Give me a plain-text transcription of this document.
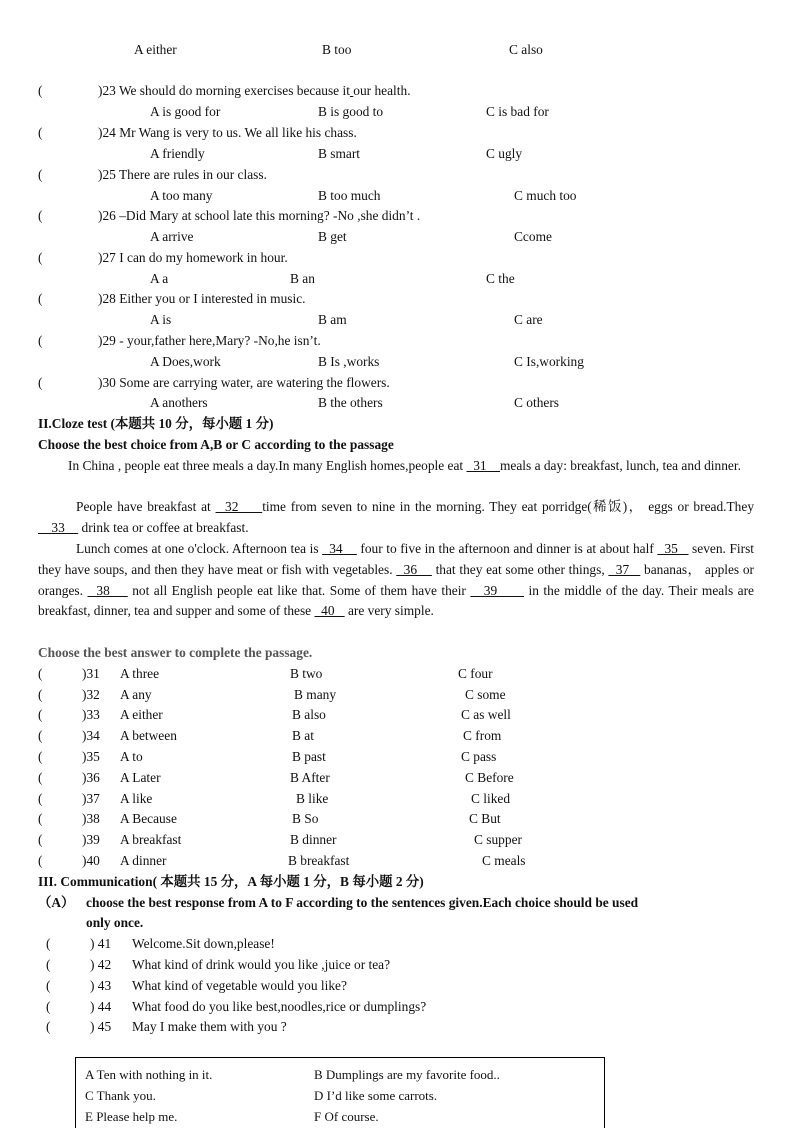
A either	B too	C also
(	)23 We should do morning exercises because it our health.
A is good for	B is good to	C is bad for
(	)24 Mr Wang is very to us. We all like his chass.
A friendly	B smart	C ugly
(	)25 There are rules in our class.
A too many	B too much	C much too
(	)26 –Did Mary at school late this morning? -No ,she didn’t .
A arrive	B get	Ccome
(	)27 I can do my homework in hour.
A a	B an	C the
(	)28 Either you or I interested in music.
A is	B am	C are
(	)29 - your,father here,Mary? -No,he isn’t.
A Does,work	B Is ,works	C Is,working
(	)30 Some are carrying water, are watering the flowers.
A anothers	B the others	C others
II.Cloze test (本题共 10 分，每小题 1 分)
Choose the best choice from A,B or C according to the passage
In China , people eat three meals a day.In many English homes,people eat   31    meals a day: breakfast, lunch, tea and dinner.
People have breakfast at   32     time from seven to nine in the morning. They eat porridge(稀饭)， eggs or bread.They     33     drink tea or coffee at breakfast.
Lunch comes at one o'clock. Afternoon tea is   34     four to five in the afternoon and dinner is at about half   35    seven. First they have soups, and then they have meat or fish with vegetables.   36     that they eat some other things,   37    bananas， apples or oranges.   38     not all English people eat like that. Some of them have their    39       in the middle of the day. Their meals are breakfast, dinner, tea and supper and some of these   40    are very simple.
Choose the best answer to complete the passage.
(	)31 A three	B two	C four
(	)32 A any	B many	C some
(	)33 A either	B also	C as well
(	)34 A between	B at	C from
(	)35 A to	B past	C pass
(	)36 A Later	B After	C Before
(	)37 A like	B like	C liked
(	)38 A Because	B So	C But
(	)39 A breakfast	B dinner	C supper
(	)40 A dinner	B breakfast	C meals
III. Communication( 本题共 15 分，A 每小题 1 分，B 每小题 2 分)
（A） choose the best response from A to F according to the sentences given.Each choice should be used
only once.
(	) 41 Welcome.Sit down,please!
(	) 42 What kind of drink would you like ,juice or tea?
(	) 43 What kind of vegetable would you like?
(	) 44 What food do you like best,noodles,rice or dumplings?
(	) 45 May I make them with you ?
A Ten with nothing in it.	B Dumplings are my favorite food..
C Thank you.	D I’d like some carrots.
E Please help me.	F Of course.
